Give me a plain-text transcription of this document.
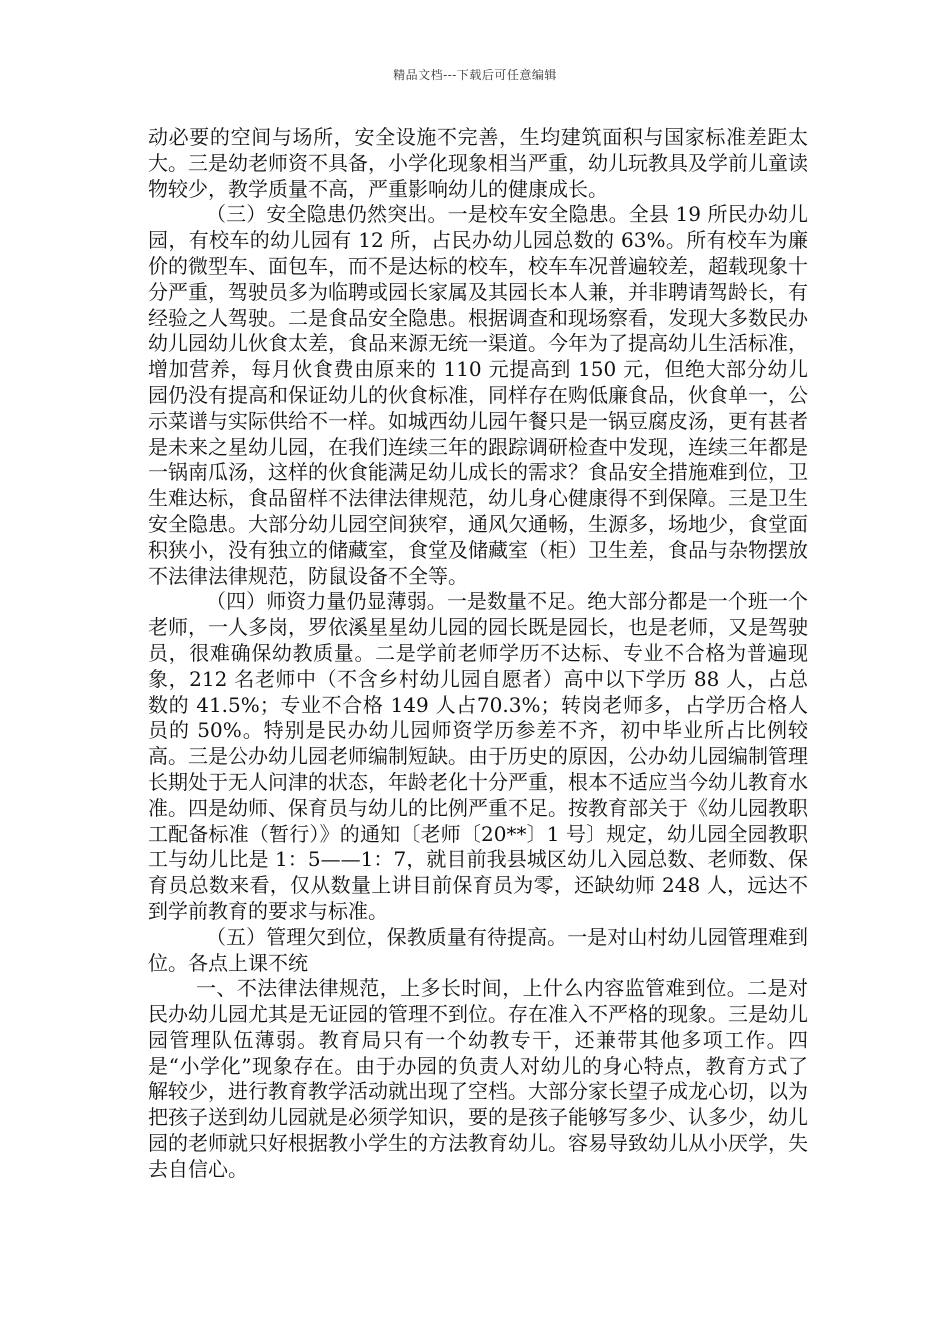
精品文档---下载后可任意编辑

动必要的空间与场所，安全设施不完善，生均建筑面积与国家标准差距太大。三是幼老师资不具备，小学化现象相当严重，幼儿玩教具及学前儿童读物较少，教学质量不高，严重影响幼儿的健康成长。

（三）安全隐患仍然突出。一是校车安全隐患。全县 19 所民办幼儿园，有校车的幼儿园有 12 所，占民办幼儿园总数的 63%。所有校车为廉价的微型车、面包车，而不是达标的校车，校车车况普遍较差，超载现象十分严重，驾驶员多为临聘或园长家属及其园长本人兼，并非聘请驾龄长，有经验之人驾驶。二是食品安全隐患。根据调查和现场察看，发现大多数民办幼儿园幼儿伙食太差，食品来源无统一渠道。今年为了提高幼儿生活标准，增加营养，每月伙食费由原来的 110 元提高到 150 元，但绝大部分幼儿园仍没有提高和保证幼儿的伙食标准，同样存在购低廉食品，伙食单一，公示菜谱与实际供给不一样。如城西幼儿园午餐只是一锅豆腐皮汤，更有甚者是未来之星幼儿园，在我们连续三年的跟踪调研检查中发现，连续三年都是一锅南瓜汤，这样的伙食能满足幼儿成长的需求？食品安全措施难到位，卫生难达标，食品留样不法律法律规范，幼儿身心健康得不到保障。三是卫生安全隐患。大部分幼儿园空间狭窄，通风欠通畅，生源多，场地少，食堂面积狭小，没有独立的储藏室，食堂及储藏室（柜）卫生差，食品与杂物摆放不法律法律规范，防鼠设备不全等。

（四）师资力量仍显薄弱。一是数量不足。绝大部分都是一个班一个老师，一人多岗，罗依溪星星幼儿园的园长既是园长，也是老师，又是驾驶员，很难确保幼教质量。二是学前老师学历不达标、专业不合格为普遍现象，212 名老师中（不含乡村幼儿园自愿者）高中以下学历 88 人，占总数的 41.5%；专业不合格 149 人占70.3%；转岗老师多，占学历合格人员的 50%。特别是民办幼儿园师资学历参差不齐，初中毕业所占比例较高。三是公办幼儿园老师编制短缺。由于历史的原因，公办幼儿园编制管理长期处于无人问津的状态，年龄老化十分严重，根本不适应当今幼儿教育水准。四是幼师、保育员与幼儿的比例严重不足。按教育部关于《幼儿园教职工配备标准（暂行）》的通知〔老师〔20**〕1 号〕规定，幼儿园全园教职工与幼儿比是 1：5——1：7，就目前我县城区幼儿入园总数、老师数、保育员总数来看，仅从数量上讲目前保育员为零，还缺幼师 248 人，远达不到学前教育的要求与标准。

（五）管理欠到位，保教质量有待提高。一是对山村幼儿园管理难到位。各点上课不统

一、不法律法律规范，上多长时间，上什么内容监管难到位。二是对民办幼儿园尤其是无证园的管理不到位。存在准入不严格的现象。三是幼儿园管理队伍薄弱。教育局只有一个幼教专干，还兼带其他多项工作。四是“小学化”现象存在。由于办园的负责人对幼儿的身心特点，教育方式了解较少，进行教育教学活动就出现了空档。大部分家长望子成龙心切，以为把孩子送到幼儿园就是必须学知识，要的是孩子能够写多少、认多少，幼儿园的老师就只好根据教小学生的方法教育幼儿。容易导致幼儿从小厌学，失去自信心。
